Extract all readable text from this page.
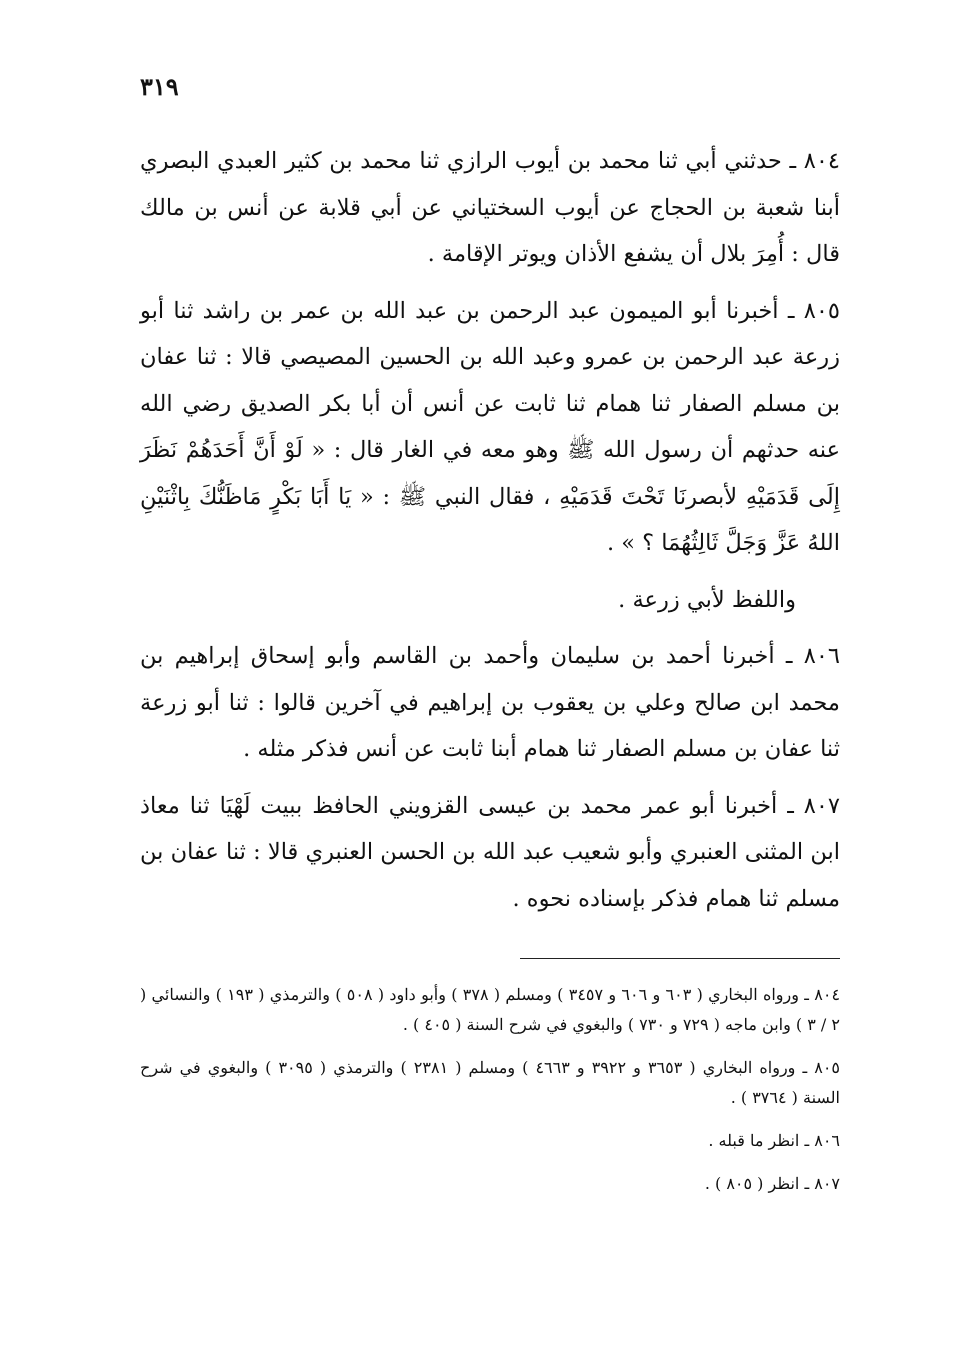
٣١٩

٨٠٤ ـ حدثني أبي ثنا محمد بن أيوب الرازي ثنا محمد بن كثير العبدي البصري أبنا شعبة بن الحجاج عن أيوب السختياني عن أبي قلابة عن أنس بن مالك قال : أُمِرَ بلال أن يشفع الأذان ويوتر الإقامة .

٨٠٥ ـ أخبرنا أبو الميمون عبد الرحمن بن عبد الله بن عمر بن راشد ثنا أبو زرعة عبد الرحمن بن عمرو وعبد الله بن الحسين المصيصي قالا : ثنا عفان بن مسلم الصفار ثنا همام ثنا ثابت عن أنس أن أبا بكر الصديق رضي الله عنه حدثهم أن رسول الله ﷺ وهو معه في الغار قال : « لَوْ أَنَّ أَحَدَهُمْ نَظَرَ إِلَى قَدَمَيْهِ لأبصرنَا تَحْتَ قَدَمَيْهِ ، فقال النبي ﷺ : « يَا أَبَا بَكْرٍ مَاظَنُّكَ بِاثْنَيْنِ اللهُ عَزَّ وَجَلَّ ثَالِثُهُمَا ؟ » .

واللفظ لأبي زرعة .

٨٠٦ ـ أخبرنا أحمد بن سليمان وأحمد بن القاسم وأبو إسحاق إبراهيم بن محمد ابن صالح وعلي بن يعقوب بن إبراهيم في آخرين قالوا : ثنا أبو زرعة ثنا عفان بن مسلم الصفار ثنا همام أبنا ثابت عن أنس فذكر مثله .

٨٠٧ ـ أخبرنا أبو عمر محمد بن عيسى القزويني الحافظ ببيت لَهْيَا ثنا معاذ ابن المثنى العنبري وأبو شعيب عبد الله بن الحسن العنبري قالا : ثنا عفان بن مسلم ثنا همام فذكر بإسناده نحوه .

٨٠٤ ـ ورواه البخاري ( ٦٠٣ و ٦٠٦ و ٣٤٥٧ ) ومسلم ( ٣٧٨ ) وأبو داود ( ٥٠٨ ) والترمذي ( ١٩٣ ) والنسائي ( ٢ / ٣ ) وابن ماجه ( ٧٢٩ و ٧٣٠ ) والبغوي في شرح السنة ( ٤٠٥ ) .

٨٠٥ ـ ورواه البخاري ( ٣٦٥٣ و ٣٩٢٢ و ٤٦٦٣ ) ومسلم ( ٢٣٨١ ) والترمذي ( ٣٠٩٥ ) والبغوي في شرح السنة ( ٣٧٦٤ ) .

٨٠٦ ـ انظر ما قبله .

٨٠٧ ـ انظر ( ٨٠٥ ) .
